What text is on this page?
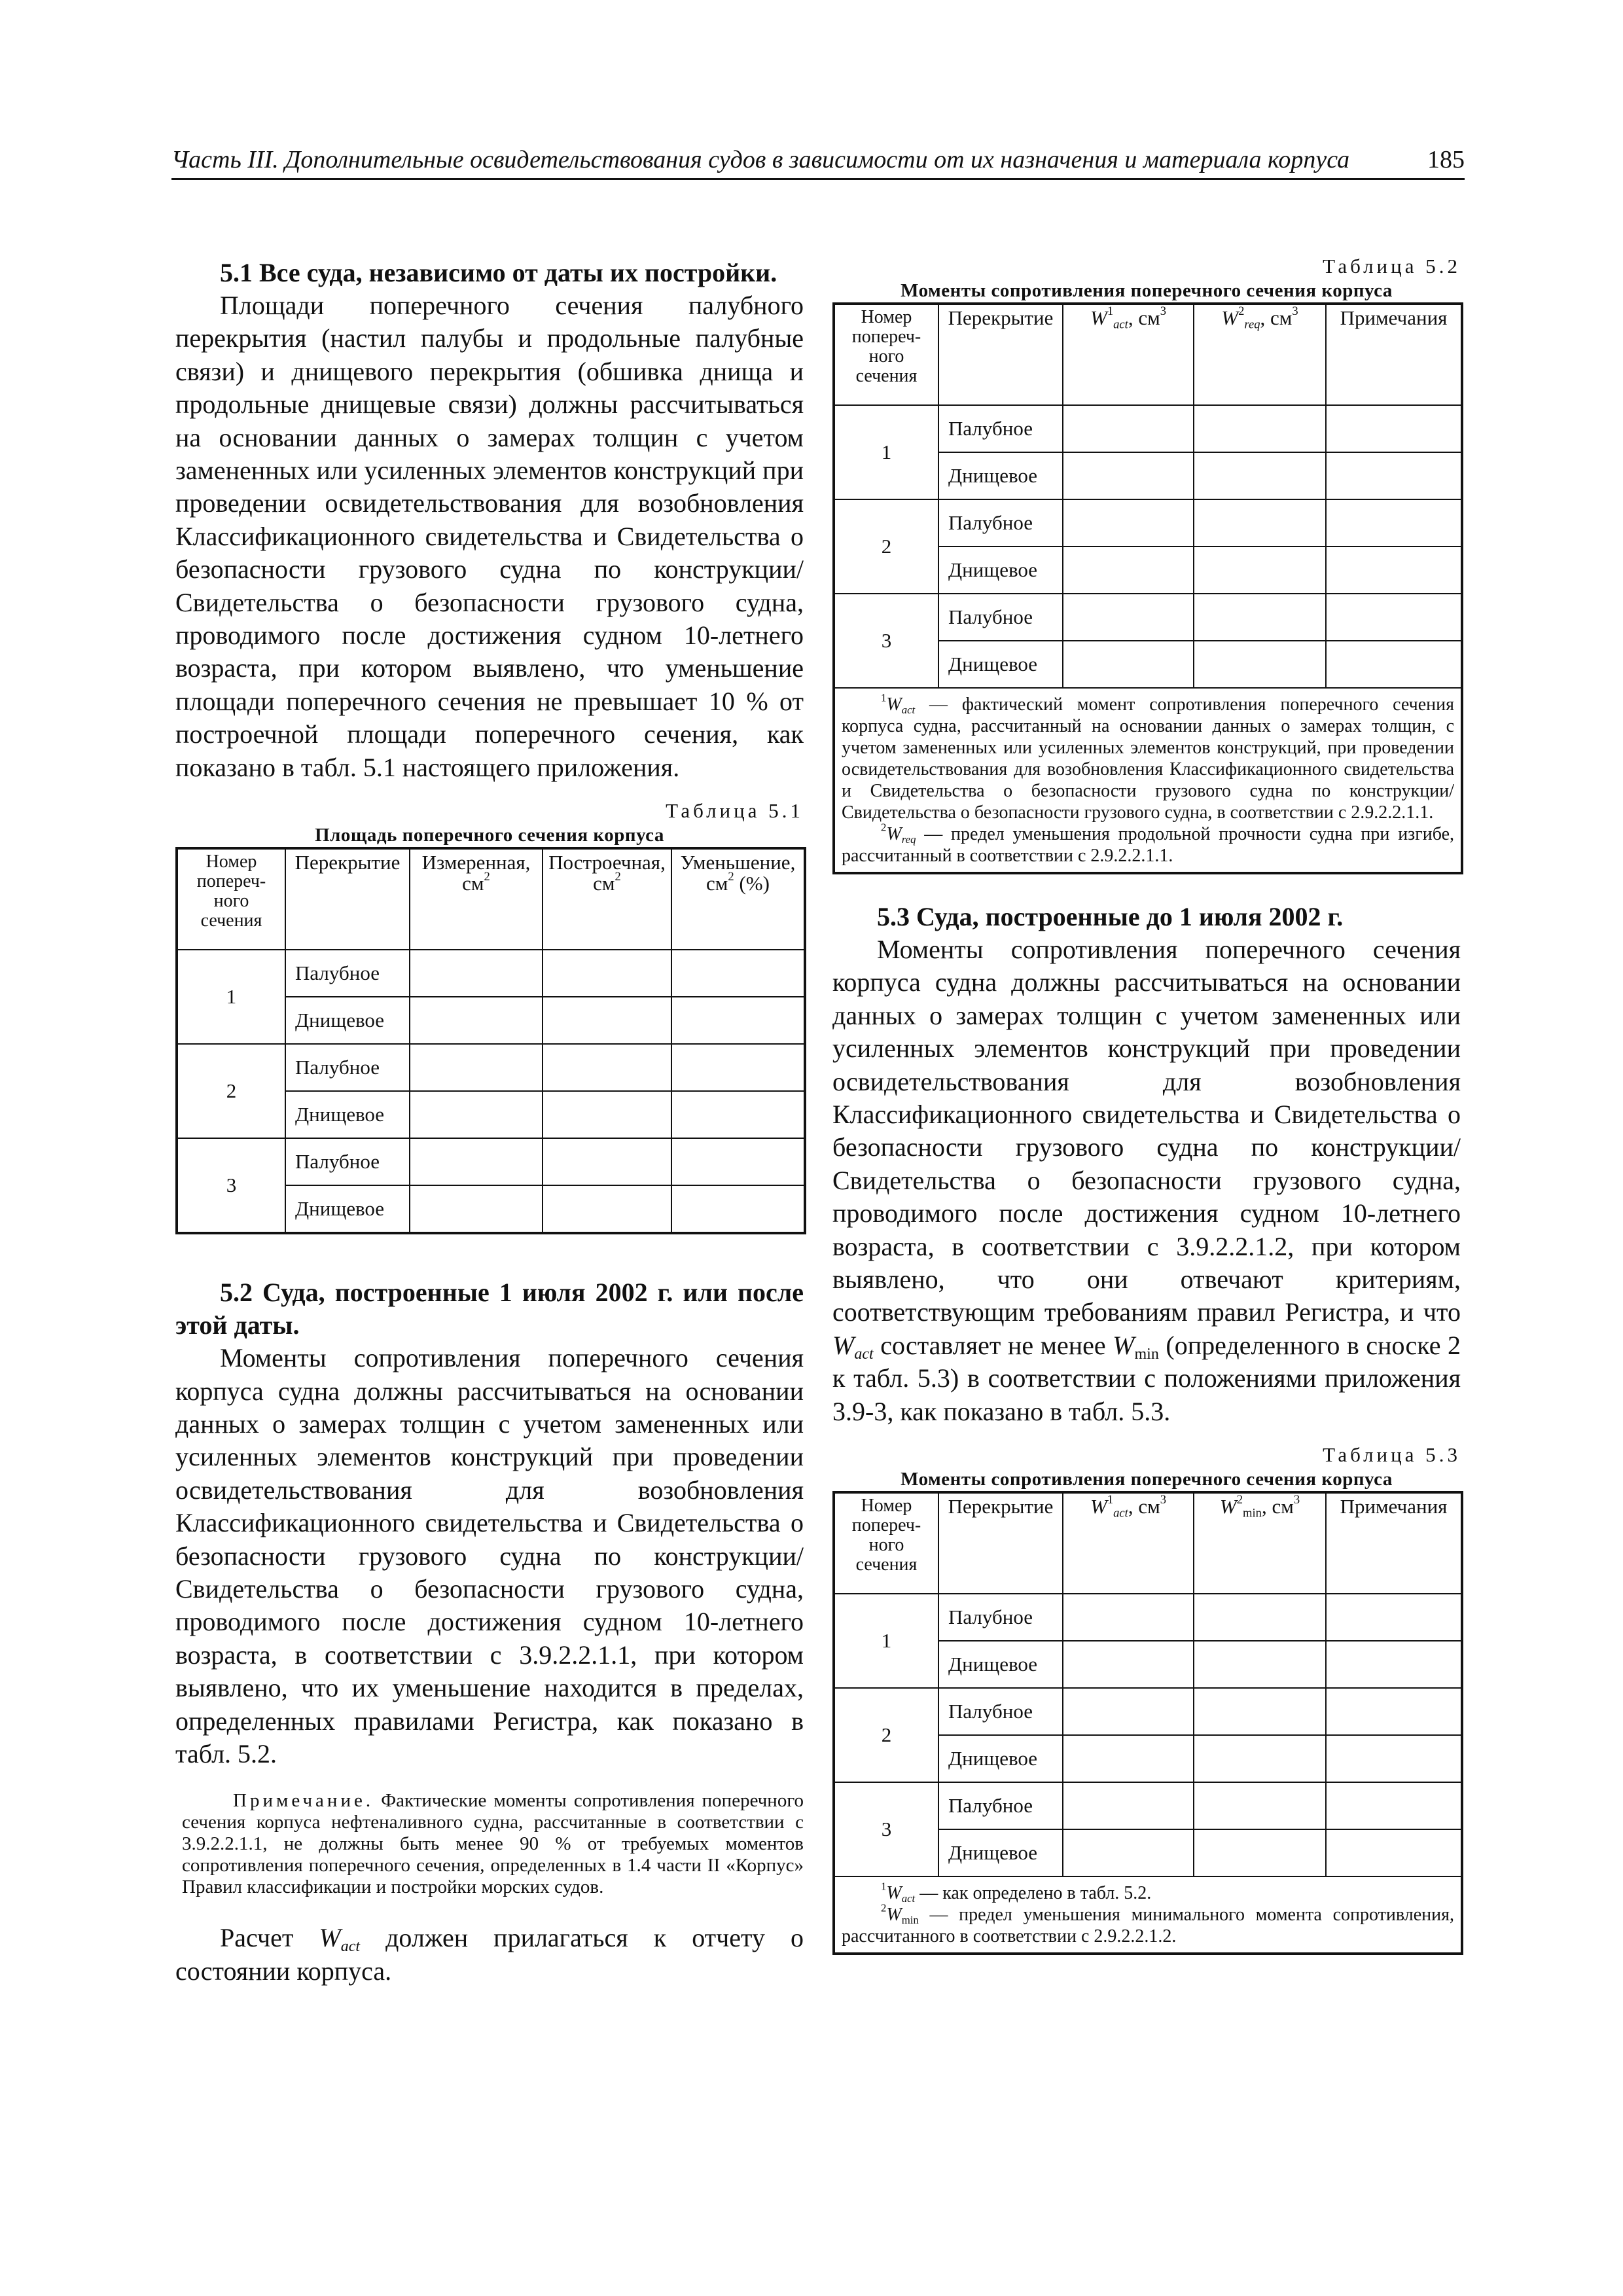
Часть III. Дополнительные освидетельствования судов в зависимости от их назначения и материала корпуса	185
5.1 Все суда, независимо от даты их постройки.

Площади поперечного сечения палубного перекрытия (настил палубы и продольные палубные связи) и днищевого перекрытия (обшивка днища и продольные днищевые связи) должны рассчитываться на основании данных о замерах толщин с учетом замененных или усиленных элементов конструкций при проведении освидетельствования для возобновления Классификационного свидетельства и Свидетельства о безопасности грузового судна по конструкции/Свидетельства о безопасности грузового судна, проводимого после достижения судном 10-летнего возраста, при котором выявлено, что уменьшение площади поперечного сечения не превышает 10 % от построечной площади поперечного сечения, как показано в табл. 5.1 настоящего приложения.

Таблица 5.1
Площадь поперечного сечения корпуса
Номер попереч-ного сечения	Перекрытие	Измеренная, $см^2$	Построечная, $см^2$	Уменьшение, $см^2$ (%)
1	Палубное			
	Днищевое			
2	Палубное			
	Днищевое			
3	Палубное			
	Днищевое			
5.2 Суда, построенные 1 июля 2002 г. или после этой даты.

Моменты сопротивления поперечного сечения корпуса судна должны рассчитываться на основании данных о замерах толщин с учетом замененных или усиленных элементов конструкций при проведении освидетельствования для возобновления Классификационного свидетельства и Свидетельства о безопасности грузового судна по конструкции/ Свидетельства о безопасности грузового судна, проводимого после достижения судном 10-летнего возраста, в соответствии с 3.9.2.2.1.1, при котором выявлено, что их уменьшение находится в пределах, определенных правилами Регистра, как показано в табл. 5.2.

Примечание. Фактические моменты сопротивления поперечного сечения корпуса нефтеналивного судна, рассчитанные в соответствии с 3.9.2.2.1.1, не должны быть менее 90 % от требуемых моментов сопротивления поперечного сечения, определенных в 1.4 части II «Корпус» Правил классификации и постройки морских судов.

Расчет $W_{act}$ должен прилагаться к отчету о состоянии корпуса.

Таблица 5.2
Моменты сопротивления поперечного сечения корпуса
Номер попереч-ного сечения	Перекрытие	$W^1_{act}$, $см^3$	$W^2_{req}$, $см^3$	Примечания
1	Палубное			
	Днищевое			
2	Палубное			
	Днищевое			
3	Палубное			
	Днищевое			

$^1W_{act}$ — фактический момент сопротивления поперечного сечения корпуса судна, рассчитанный на основании данных о замерах толщин, с учетом замененных или усиленных элементов конструкций, при проведении освидетельствования для возобновления Классификационного свидетельства и Свидетельства о безопасности грузового судна по конструкции/ Свидетельства о безопасности грузового судна, в соответствии с 2.9.2.2.1.1.

$^2W_{req}$ — предел уменьшения продольной прочности судна при изгибе, рассчитанный в соответствии с 2.9.2.2.1.1.				

5.3 Суда, построенные до 1 июля 2002 г.

Моменты сопротивления поперечного сечения корпуса судна должны рассчитываться на основании данных о замерах толщин с учетом замененных или усиленных элементов конструкций при проведении освидетельствования для возобновления Классификационного свидетельства и Свидетельства о безопасности грузового судна по конструкции/ Свидетельства о безопасности грузового судна, проводимого после достижения судном 10-летнего возраста, в соответствии с 3.9.2.2.1.2, при котором выявлено, что они отвечают критериям, соответствующим требованиям правил Регистра, и что $W_{act}$ составляет не менее $W_{min}$ (определенного в сноске 2 к табл. 5.3) в соответствии с положениями приложения 3.9-3, как показано в табл. 5.3.

Таблица 5.3
Моменты сопротивления поперечного сечения корпуса
Номер попереч-ного сечения	Перекрытие	$W^1_{act}$, $см^3$	$W^2_{min}$, $см^3$	Примечания
1	Палубное			
	Днищевое			
2	Палубное			
	Днищевое			
3	Палубное			
	Днищевое			

$^1W_{act}$ — как определено в табл. 5.2.

$^2W_{min}$ — предел уменьшения минимального момента сопротивления, рассчитанного в соответствии с 2.9.2.2.1.2.				
